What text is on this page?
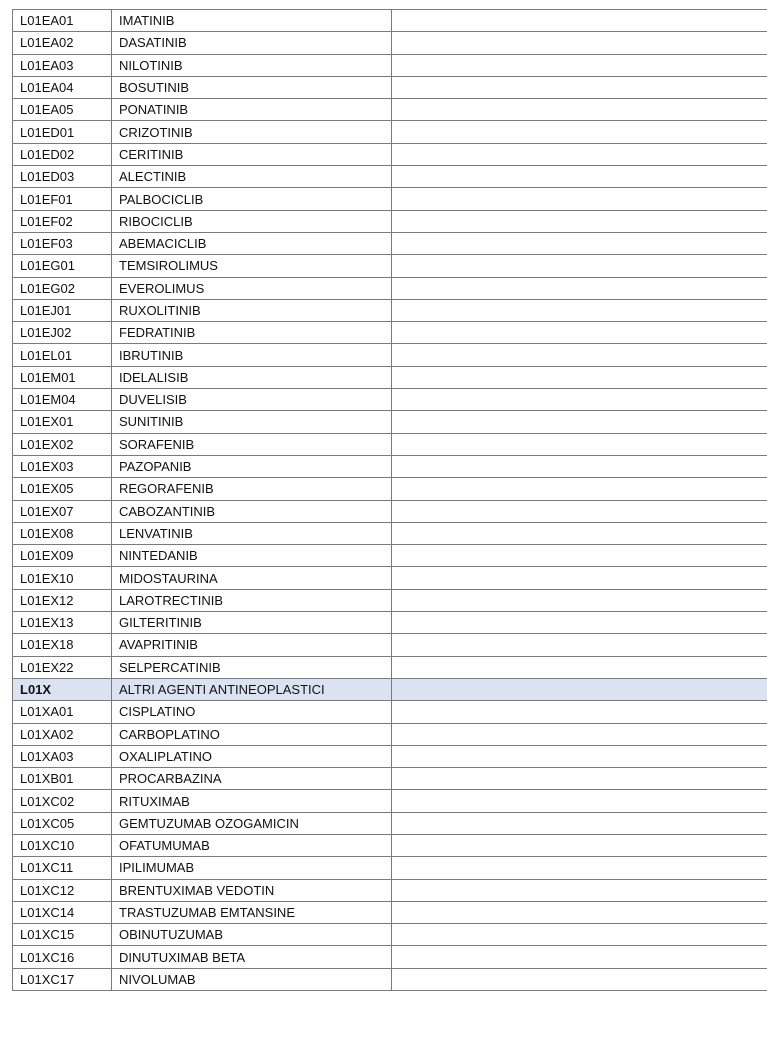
L01EA01	IMATINIB	
L01EA02	DASATINIB	
L01EA03	NILOTINIB	
L01EA04	BOSUTINIB	
L01EA05	PONATINIB	
L01ED01	CRIZOTINIB	
L01ED02	CERITINIB	
L01ED03	ALECTINIB	
L01EF01	PALBOCICLIB	
L01EF02	RIBOCICLIB	
L01EF03	ABEMACICLIB	
L01EG01	TEMSIROLIMUS	
L01EG02	EVEROLIMUS	
L01EJ01	RUXOLITINIB	
L01EJ02	FEDRATINIB	
L01EL01	IBRUTINIB	
L01EM01	IDELALISIB	
L01EM04	DUVELISIB	
L01EX01	SUNITINIB	
L01EX02	SORAFENIB	
L01EX03	PAZOPANIB	
L01EX05	REGORAFENIB	
L01EX07	CABOZANTINIB	
L01EX08	LENVATINIB	
L01EX09	NINTEDANIB	
L01EX10	MIDOSTAURINA	
L01EX12	LAROTRECTINIB	
L01EX13	GILTERITINIB	
L01EX18	AVAPRITINIB	
L01EX22	SELPERCATINIB	
L01X	ALTRI AGENTI ANTINEOPLASTICI	
L01XA01	CISPLATINO	
L01XA02	CARBOPLATINO	
L01XA03	OXALIPLATINO	
L01XB01	PROCARBAZINA	
L01XC02	RITUXIMAB	
L01XC05	GEMTUZUMAB OZOGAMICIN	
L01XC10	OFATUMUMAB	
L01XC11	IPILIMUMAB	
L01XC12	BRENTUXIMAB VEDOTIN	
L01XC14	TRASTUZUMAB EMTANSINE	
L01XC15	OBINUTUZUMAB	
L01XC16	DINUTUXIMAB BETA	
L01XC17	NIVOLUMAB	
